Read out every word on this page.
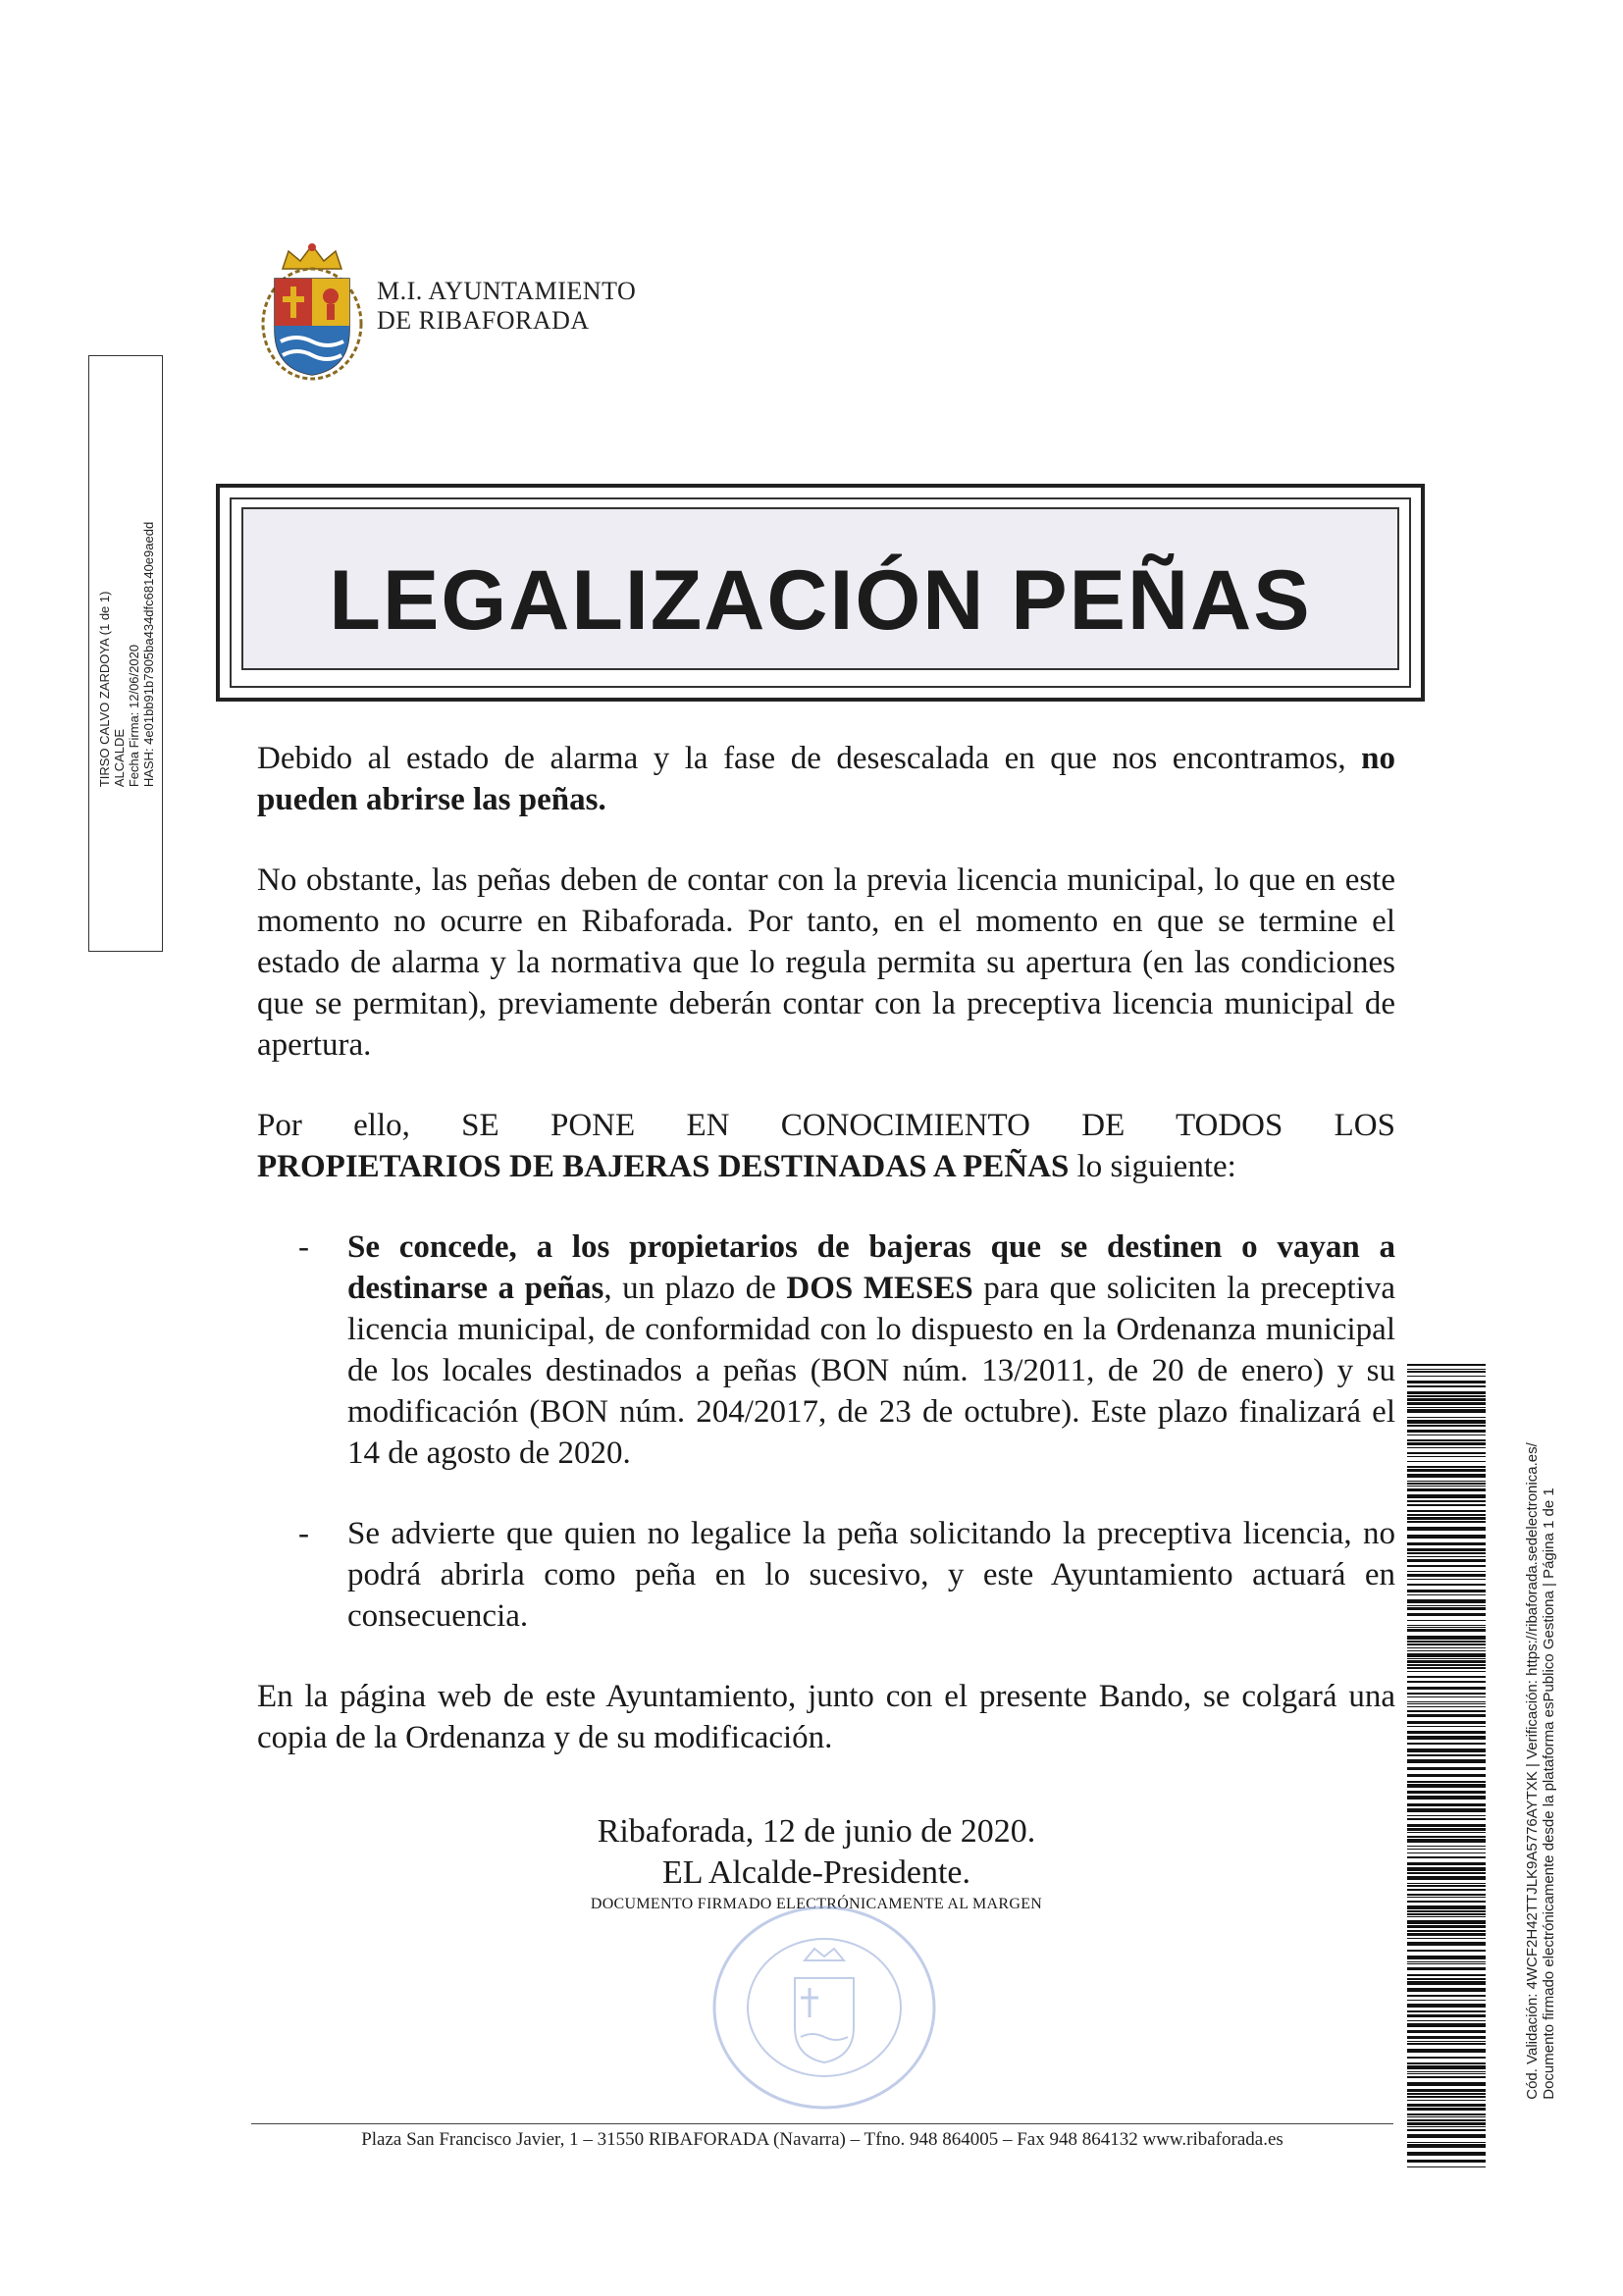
M.I. AYUNTAMIENTO
DE RIBAFORADA
TIRSO CALVO ZARDOYA (1 de 1) ALCALDE Fecha Firma: 12/06/2020 HASH: 4e01bb91b7905ba434dfc68140e9aedd	LEGALIZACIÓN PEÑAS

Debido al estado de alarma y la fase de desescalada en que nos encontramos, no pueden abrirse las peñas.

No obstante, las peñas deben de contar con la previa licencia municipal, lo que en este momento no ocurre en Ribaforada. Por tanto, en el momento en que se termine el estado de alarma y la normativa que lo regula permita su apertura (en las condiciones que se permitan), previamente deberán contar con la preceptiva licencia municipal de apertura.

Por ello, SE PONE EN CONOCIMIENTO DE TODOS LOS
PROPIETARIOS DE BAJERAS DESTINADAS A PEÑAS lo siguiente:

- Se concede, a los propietarios de bajeras que se destinen o vayan a destinarse a peñas, un plazo de DOS MESES para que soliciten la preceptiva licencia municipal, de conformidad con lo dispuesto en la Ordenanza municipal de los locales destinados a peñas (BON núm. 13/2011, de 20 de enero) y su modificación (BON núm. 204/2017, de 23 de octubre). Este plazo finalizará el 14 de agosto de 2020.
- Se advierte que quien no legalice la peña solicitando la preceptiva licencia, no podrá abrirla como peña en lo sucesivo, y este Ayuntamiento actuará en consecuencia.

En la página web de este Ayuntamiento, junto con el presente Bando, se colgará una copia de la Ordenanza y de su modificación.

Ribaforada, 12 de junio de 2020.
EL Alcalde-Presidente.
DOCUMENTO FIRMADO ELECTRÓNICAMENTE AL MARGEN
Plaza San Francisco Javier, 1 – 31550 RIBAFORADA (Navarra) – Tfno. 948 864005 – Fax 948 864132 www.ribaforada.es
Cód. Validación: 4WCF2H42TTJLK9A5776AYTXK | Verificación: https://ribaforada.sedelectronica.es/ Documento firmado electrónicamente desde la plataforma esPublico Gestiona | Página 1 de 1
